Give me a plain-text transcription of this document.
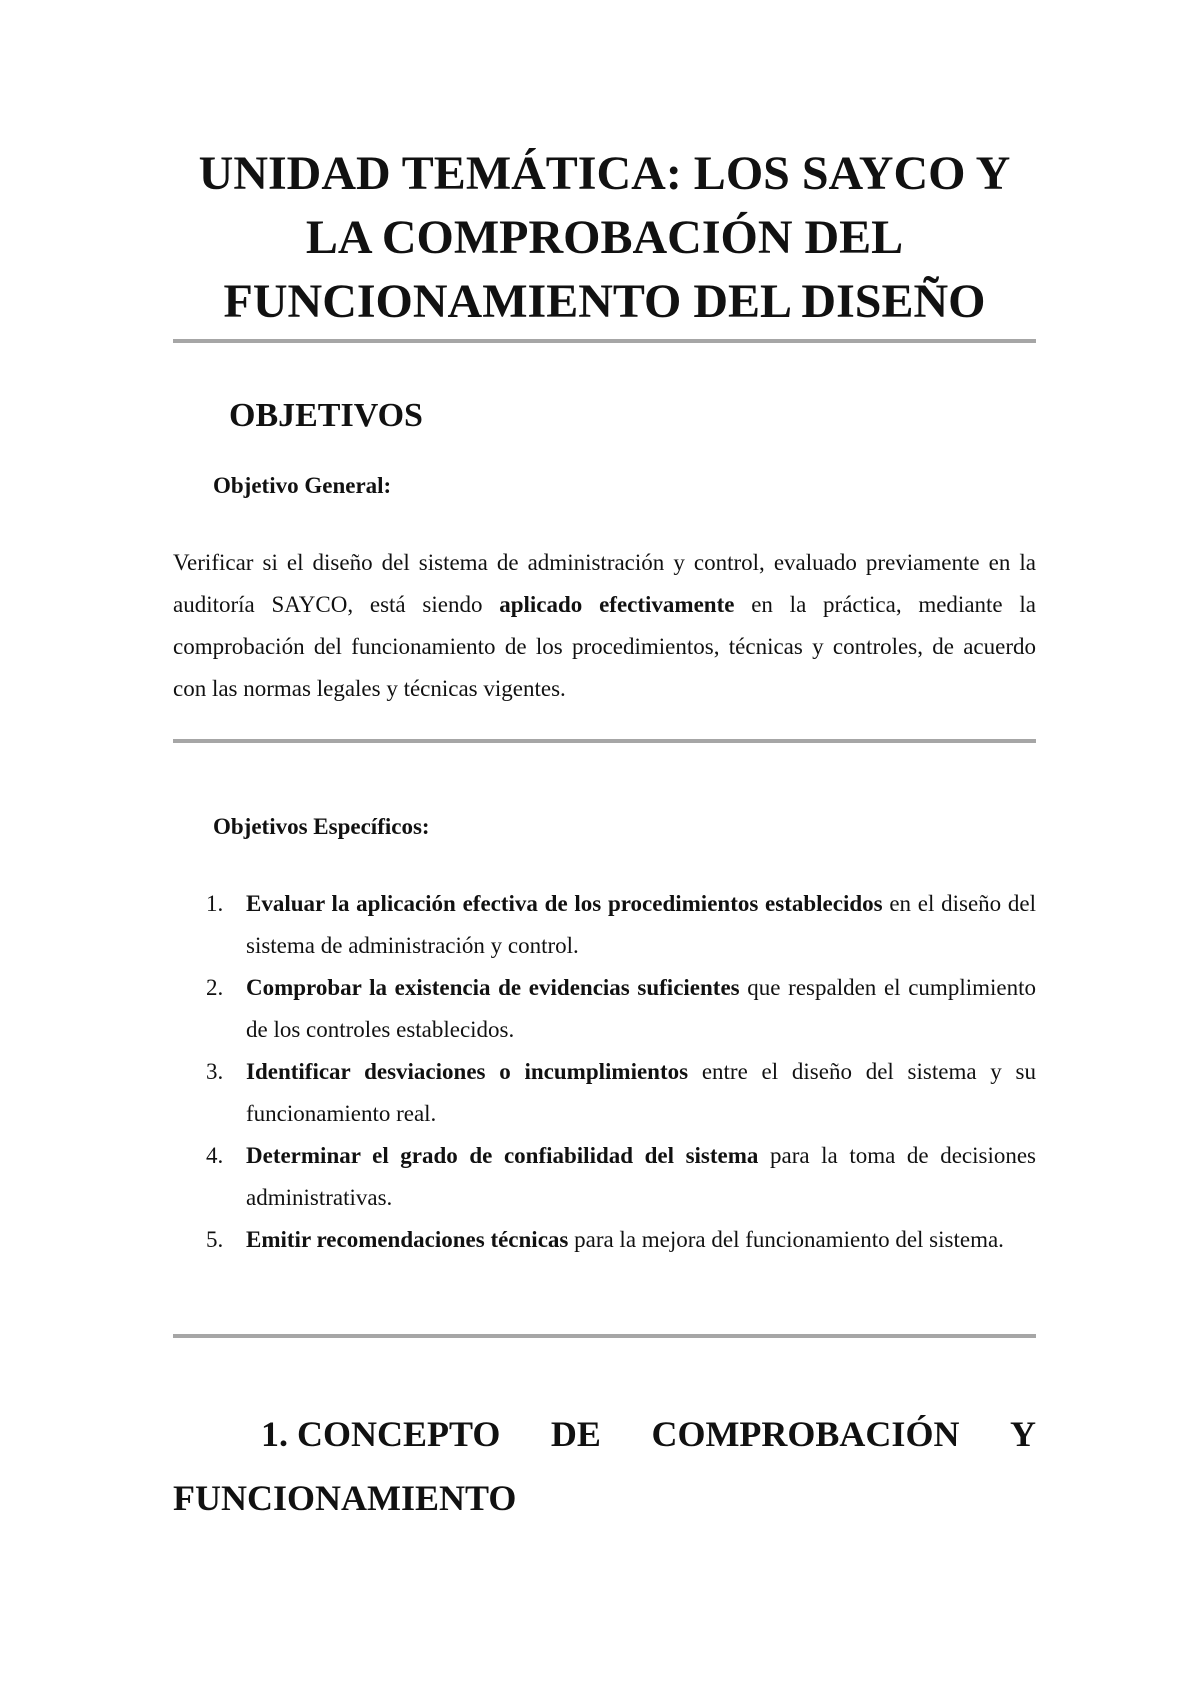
UNIDAD TEMÁTICA: LOS SAYCO Y
LA COMPROBACIÓN DEL
FUNCIONAMIENTO DEL DISEÑO
OBJETIVOS
Objetivo General:

Verificar si el diseño del sistema de administración y control, evaluado previamente en la auditoría SAYCO, está siendo aplicado efectivamente en la práctica, mediante la comprobación del funcionamiento de los procedimientos, técnicas y controles, de acuerdo con las normas legales y técnicas vigentes.

Objetivos Específicos:
1. Evaluar la aplicación efectiva de los procedimientos establecidos en el diseño del sistema de administración y control.
2. Comprobar la existencia de evidencias suficientes que respalden el cumplimiento de los controles establecidos.
3. Identificar desviaciones o incumplimientos entre el diseño del sistema y su funcionamiento real.
4. Determinar el grado de confiabilidad del sistema para la toma de decisiones administrativas.
5. Emitir recomendaciones técnicas para la mejora del funcionamiento del sistema.
1. CONCEPTO DE COMPROBACIÓN Y
FUNCIONAMIENTO
